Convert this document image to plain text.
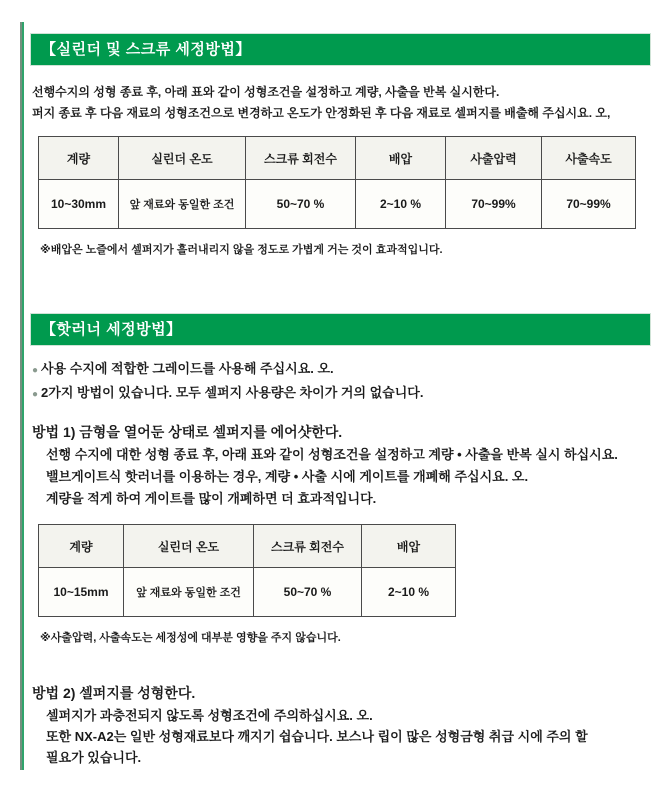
【실린더 및 스크류 세정방법】
선행수지의 성형 종료 후, 아래 표와 같이 성형조건을 설정하고 계량, 사출을 반복 실시한다.
퍼지 종료 후 다음 재료의 성형조건으로 변경하고 온도가 안정화된 후 다음 재료로 셀퍼지를 배출해 주십시요. 오,
계량	실린더 온도	스크류 회전수	배압	사출압력	사출속도
10~30mm	앞 재료와 동일한 조건	50~70 %	2~10 %	70~99%	70~99%
※배압은 노즐에서 셀퍼지가 흘러내리지 않을 정도로 가볍게 거는 것이 효과적입니다.
【핫러너 세정방법】
● 사용 수지에 적합한 그레이드를 사용해 주십시요. 오.
● 2가지 방법이 있습니다. 모두 셀퍼지 사용량은 차이가 거의 없습니다.
방법 1) 금형을 열어둔 상태로 셀퍼지를 에어샷한다.
선행 수지에 대한 성형 종료 후, 아래 표와 같이 성형조건을 설정하고 계량 • 사출을 반복 실시 하십시요.
밸브게이트식 핫러너를 이용하는 경우, 계량 • 사출 시에 게이트를 개폐해 주십시요. 오.
계량을 적게 하여 게이트를 많이 개폐하면 더 효과적입니다.
계량	실린더 온도	스크류 회전수	배압
10~15mm	앞 재료와 동일한 조건	50~70 %	2~10 %
※사출압력, 사출속도는 세정성에 대부분 영향을 주지 않습니다.
방법 2) 셀퍼지를 성형한다.
셀퍼지가 과충전되지 않도록 성형조건에 주의하십시요. 오.
또한 NX-A2는 일반 성형재료보다 깨지기 쉽습니다. 보스나 립이 많은 성형금형 취급 시에 주의 할
필요가 있습니다.
